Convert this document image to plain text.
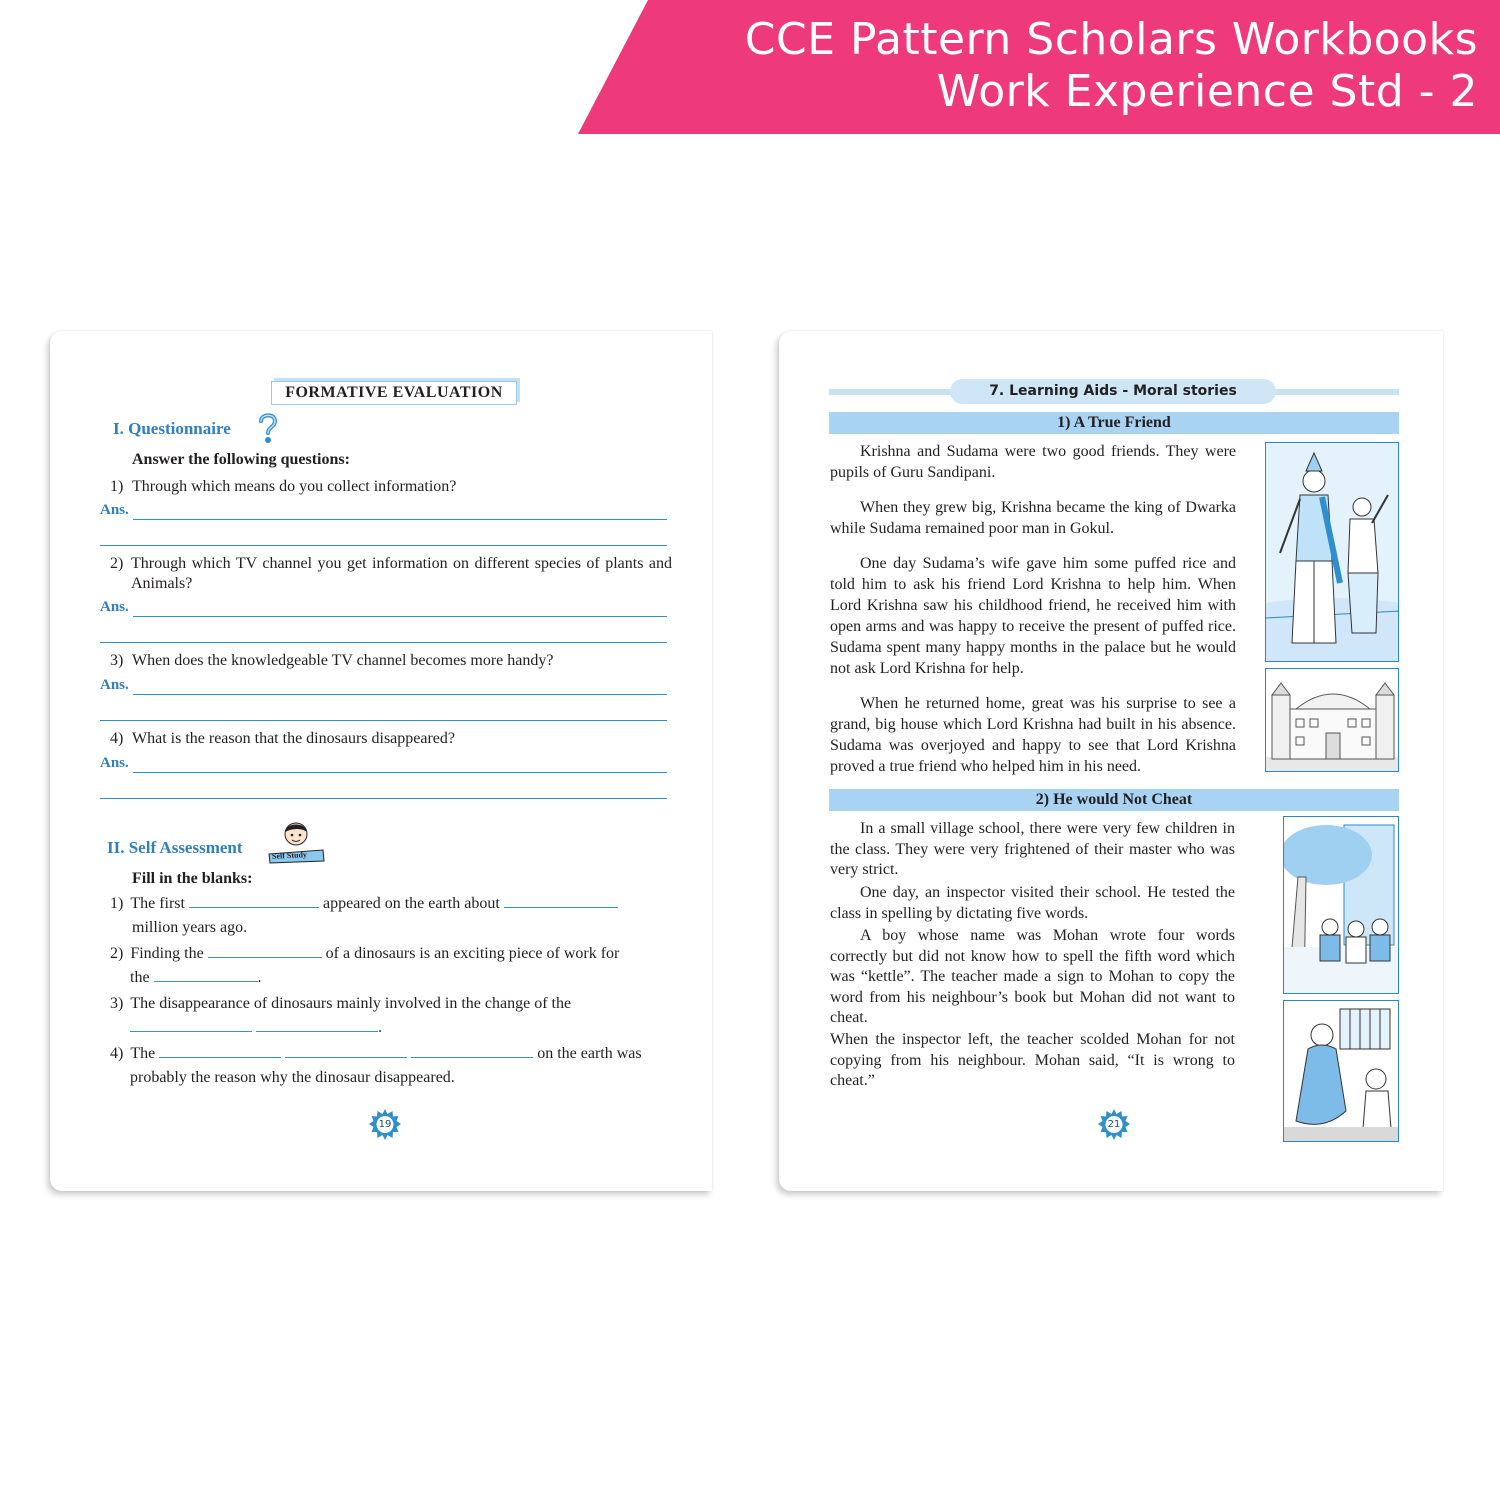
CCE Pattern Scholars Workbooks
Work Experience Std - 2
FORMATIVE EVALUATION
I. Questionnaire
Answer the following questions:
1) Through which means do you collect information?
Ans.
2) Through which TV channel you get information on different species of plants and Animals?
Ans.
3) When does the knowledgeable TV channel becomes more handy?
Ans.
4) What is the reason that the dinosaurs disappeared?
Ans.
II. Self Assessment	Self Study
Fill in the blanks:
1) The first	appeared on the earth about
million years ago.
2) Finding the	of a dinosaurs is an exciting piece of work for
the	.
3) The disappearance of dinosaurs mainly involved in the change of the
.
4) The	on the earth was
probably the reason why the dinosaur disappeared.
19
7. Learning Aids - Moral stories
1) A True Friend
Krishna and Sudama were two good friends. They were pupils of Guru Sandipani.
When they grew big, Krishna became the king of Dwarka while Sudama remained poor man in Gokul.
One day Sudama’s wife gave him some puffed rice and told him to ask his friend Lord Krishna to help him. When Lord Krishna saw his childhood friend, he received him with open arms and was happy to receive the present of puffed rice. Sudama spent many happy months in the palace but he would not ask Lord Krishna for help.
When he returned home, great was his surprise to see a grand, big house which Lord Krishna had built in his absence. Sudama was overjoyed and happy to see that Lord Krishna proved a true friend who helped him in his need.
2) He would Not Cheat
In a small village school, there were very few children in the class. They were very frightened of their master who was very strict.
One day, an inspector visited their school. He tested the class in spelling by dictating five words.
A boy whose name was Mohan wrote four words correctly but did not know how to spell the fifth word which was “kettle”. The teacher made a sign to Mohan to copy the word from his neighbour’s book but Mohan did not want to cheat.
When the inspector left, the teacher scolded Mohan for not copying from his neighbour. Mohan said, “It is wrong to cheat.”
21
